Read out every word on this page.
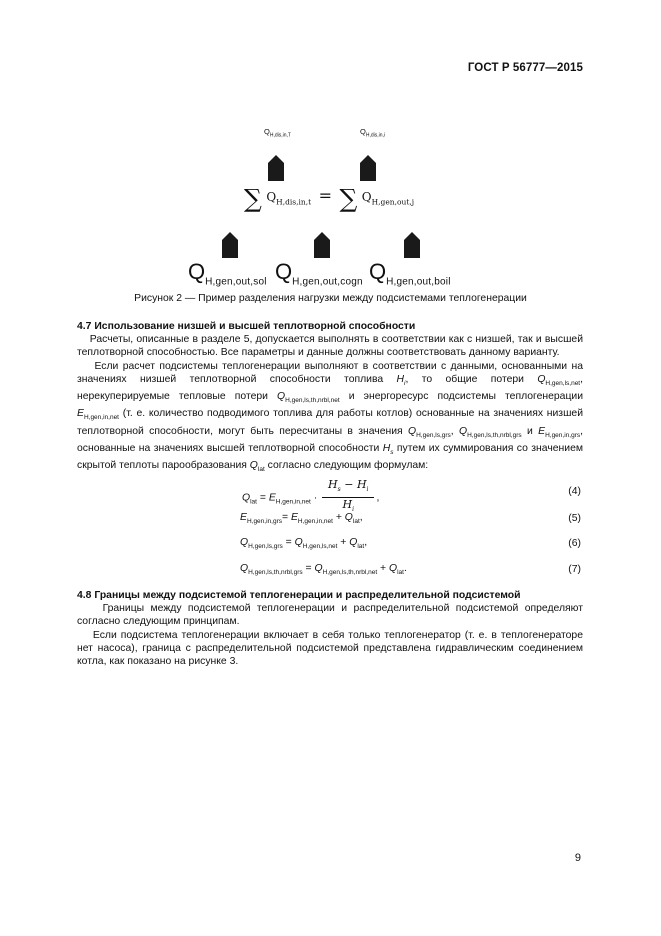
ГОСТ Р 56777—2015
$Q_{H,dis,in,T}$	$Q_{H,dis,in,i}$
∑ $^{Q_{H,dis,in,t}}$ = ∑ $^{Q_{H,gen,out,j}}$
$Q_{H,gen,out,sol}$ $Q_{H,gen,out,cogn}$ $Q_{H,gen,out,boil}$
Рисунок 2 — Пример разделения нагрузки между подсистемами теплогенерации

4.7 Использование низшей и высшей теплотворной способности

Расчеты, описанные в разделе 5, допускается выполнять в соответствии как с низшей, так и высшей теплотворной способностью. Все параметры и данные должны соответствовать данному варианту.

Если расчет подсистемы теплогенерации выполняют в соответствии с данными, основанными на значениях низшей теплотворной способности топлива $H_i$, то общие потери $Q_{H,gen,ls,net}$, нерекуперируемые тепловые потери $Q_{H,gen,ls,th,nrbl,net}$ и энергоресурс подсистемы теплогенерации $E_{H,gen,in,net}$ (т. е. количество подводимого топлива для работы котлов) основанные на значениях низшей теплотворной способности, могут быть пересчитаны в значения $Q_{H,gen,ls,grs}$, $Q_{H,gen,ls,th,nrbl,grs}$ и $E_{H,gen,in,grs}$, основанные на значениях высшей теплотворной способности $H_s$ путем их суммирования со значением скрытой теплоты парообразования $Q_{lat}$ согласно следующим формулам:

$Q_{lat} = E_{H,gen,in,net} \cdot \frac{H_s - H_i}{H_i}$ ,
(4)
$E_{H,gen,in,grs}= E_{H,gen,in,net} + Q_{lat}$,	(5)
$Q_{H,gen,ls,grs} = Q_{H,gen,ls,net} + Q_{lat}$,	(6)
$Q_{H,gen,ls,th,nrbl,grs} = Q_{H,gen,ls,th,nrbl,net} + Q_{lat}$.	(7)

4.8 Границы между подсистемой теплогенерации и распределительной подсистемой

Границы между подсистемой теплогенерации и распределительной подсистемой определяют согласно следующим принципам.

Если подсистема теплогенерации включает в себя только теплогенератор (т. е. в теплогенераторе нет насоса), граница с распределительной подсистемой представлена гидравлическим соединением котла, как показано на рисунке 3.

9
